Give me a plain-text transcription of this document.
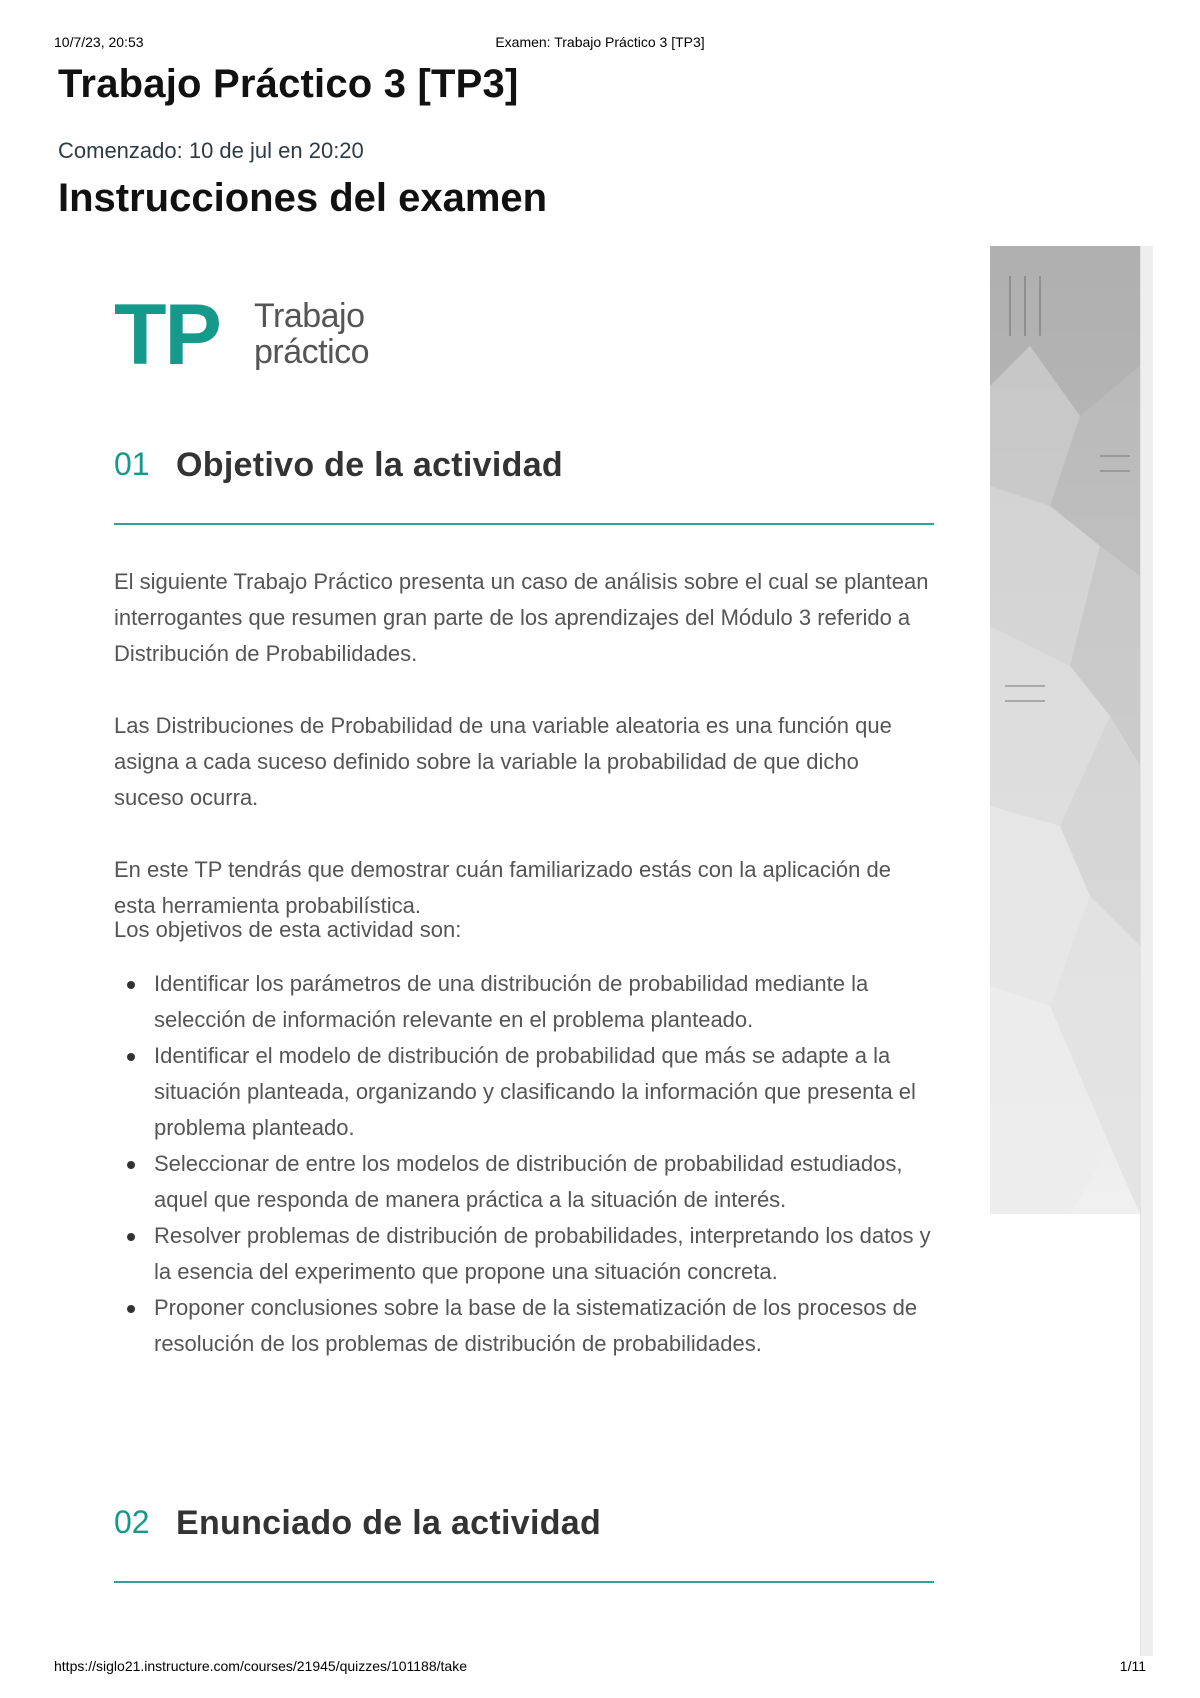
10/7/23, 20:53	Examen: Trabajo Práctico 3 [TP3]
Trabajo Práctico 3 [TP3]
Comenzado: 10 de jul en 20:20
Instrucciones del examen
TP Trabajo
práctico
01 Objetivo de la actividad

El siguiente Trabajo Práctico presenta un caso de análisis sobre el cual se plantean interrogantes que resumen gran parte de los aprendizajes del Módulo 3 referido a Distribución de Probabilidades.

Las Distribuciones de Probabilidad de una variable aleatoria es una función que asigna a cada suceso definido sobre la variable la probabilidad de que dicho suceso ocurra.

En este TP tendrás que demostrar cuán familiarizado estás con la aplicación de esta herramienta probabilística.

Los objetivos de esta actividad son:

Identificar los parámetros de una distribución de probabilidad mediante la selección de información relevante en el problema planteado.
Identificar el modelo de distribución de probabilidad que más se adapte a la situación planteada, organizando y clasificando la información que presenta el problema planteado.
Seleccionar de entre los modelos de distribución de probabilidad estudiados, aquel que responda de manera práctica a la situación de interés.
Resolver problemas de distribución de probabilidades, interpretando los datos y la esencia del experimento que propone una situación concreta.
Proponer conclusiones sobre la base de la sistematización de los procesos de resolución de los problemas de distribución de probabilidades.
02 Enunciado de la actividad
https://siglo21.instructure.com/courses/21945/quizzes/101188/take	1/11
